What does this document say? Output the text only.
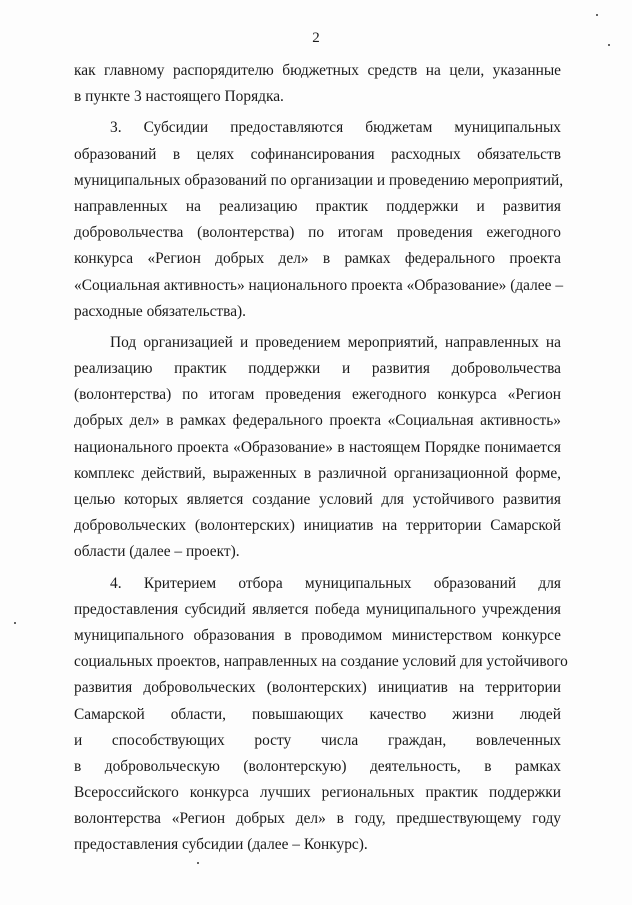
2
как главному распорядителю бюджетных средств на цели, указанные
в пункте 3 настоящего Порядка.
3. Субсидии предоставляются бюджетам муниципальных
образований в целях софинансирования расходных обязательств
муниципальных образований по организации и проведению мероприятий,
направленных на реализацию практик поддержки и развития
добровольчества (волонтерства) по итогам проведения ежегодного
конкурса «Регион добрых дел» в рамках федерального проекта
«Социальная активность» национального проекта «Образование» (далее –
расходные обязательства).
Под организацией и проведением мероприятий, направленных на
реализацию практик поддержки и развития добровольчества
(волонтерства) по итогам проведения ежегодного конкурса «Регион
добрых дел» в рамках федерального проекта «Социальная активность»
национального проекта «Образование» в настоящем Порядке понимается
комплекс действий, выраженных в различной организационной форме,
целью которых является создание условий для устойчивого развития
добровольческих (волонтерских) инициатив на территории Самарской
области (далее – проект).
4. Критерием отбора муниципальных образований для
предоставления субсидий является победа муниципального учреждения
муниципального образования в проводимом министерством конкурсе
социальных проектов, направленных на создание условий для устойчивого
развития добровольческих (волонтерских) инициатив на территории
Самарской области, повышающих качество жизни людей
и способствующих росту числа граждан, вовлеченных
в добровольческую (волонтерскую) деятельность, в рамках
Всероссийского конкурса лучших региональных практик поддержки
волонтерства «Регион добрых дел» в году, предшествующему году
предоставления субсидии (далее – Конкурс).
